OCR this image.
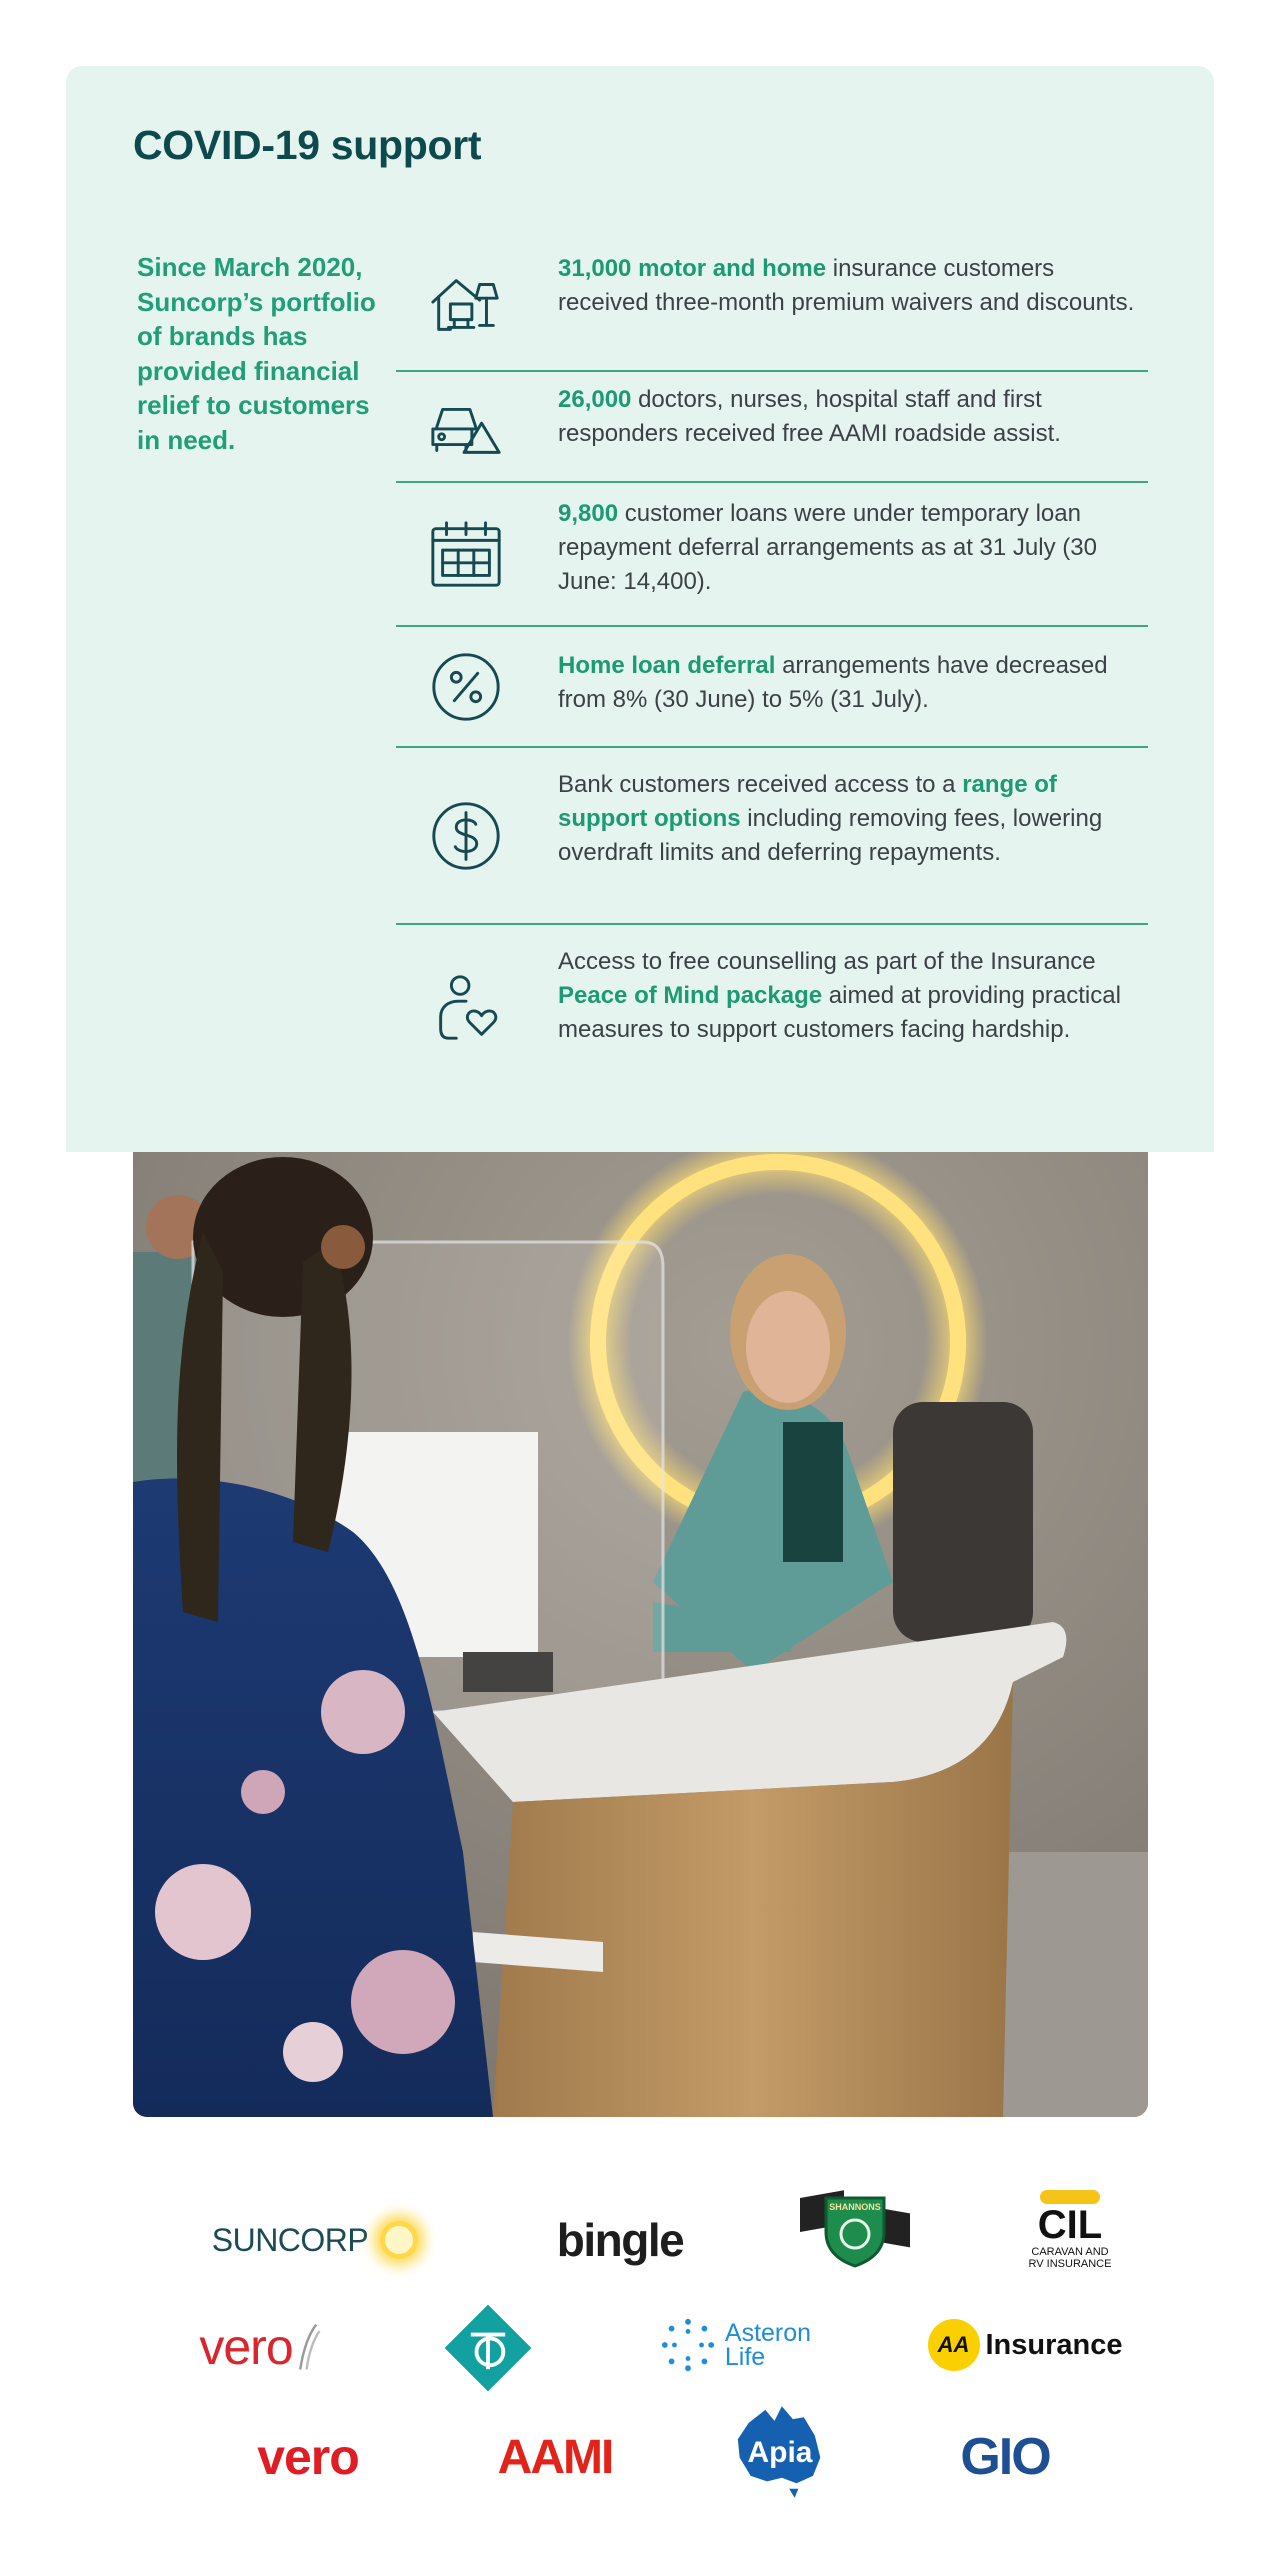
COVID-19 support
Since March 2020, Suncorp’s portfolio of brands has provided financial relief to customers in need.
31,000 motor and home insurance customers received three-month premium waivers and discounts.
26,000 doctors, nurses, hospital staff and first responders received free AAMI roadside assist.
9,800 customer loans were under temporary loan repayment deferral arrangements as at 31 July (30 June: 14,400).
Home loan deferral arrangements have decreased from 8% (30 June) to 5% (31 July).
Bank customers received access to a range of support options including removing fees, lowering overdraft limits and deferring repayments.
Access to free counselling as part of the Insurance Peace of Mind package aimed at providing practical measures to support customers facing hardship.
SUNCORP	bingle
SHANNONS	CIL
CARAVAN AND
RV INSURANCE
vero	Asteron
Life	AA Insurance
vero	AAMI	Apia	GIO
